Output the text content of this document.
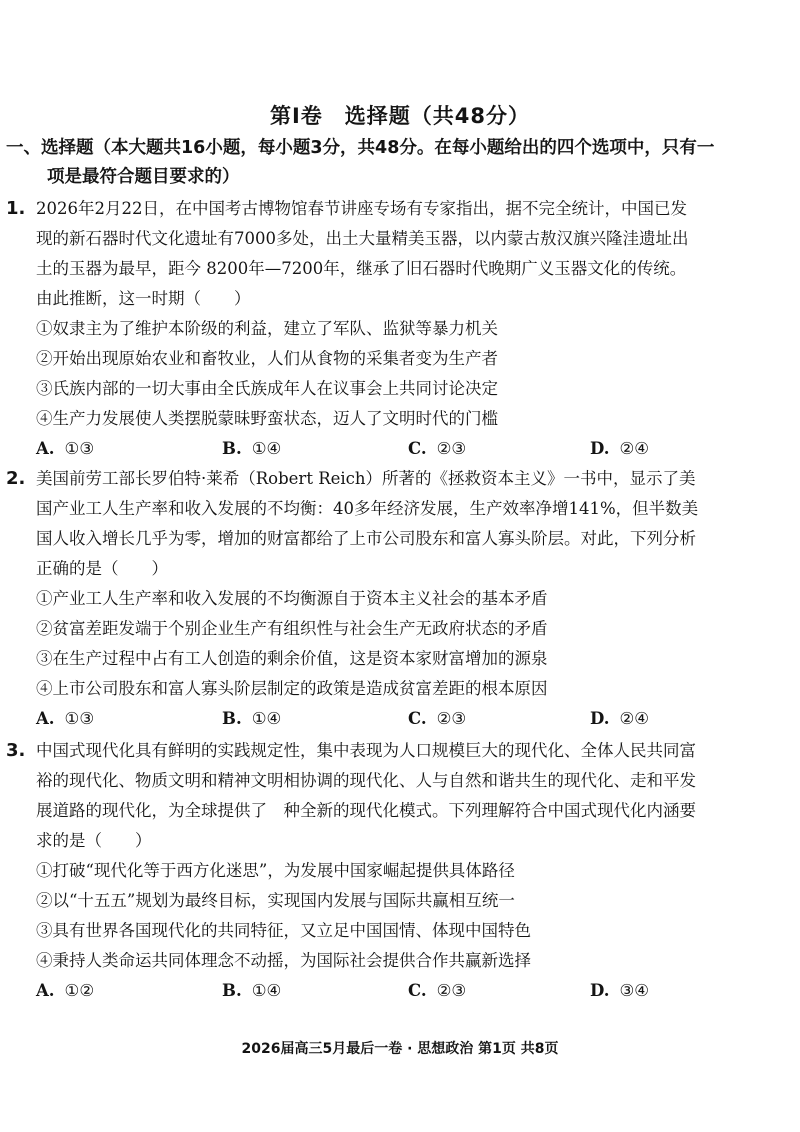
第Ⅰ卷　选择题（共48分）
一、选择题（本大题共16小题，每小题3分，共48分。在每小题给出的四个选项中，只有一
项是最符合题目要求的）
1. 2026年2月22日，在中国考古博物馆春节讲座专场有专家指出，据不完全统计，中国已发
现的新石器时代文化遗址有7000多处，出土大量精美玉器，以内蒙古敖汉旗兴隆洼遗址出
土的玉器为最早，距今 8200年—7200年，继承了旧石器时代晚期广义玉器文化的传统。
由此推断，这一时期（　　）
①奴隶主为了维护本阶级的利益，建立了军队、监狱等暴力机关
②开始出现原始农业和畜牧业，人们从食物的采集者变为生产者
③氏族内部的一切大事由全氏族成年人在议事会上共同讨论决定
④生产力发展使人类摆脱蒙昧野蛮状态，迈人了文明时代的门槛
A. ①③	B. ①④	C. ②③	D. ②④
2. 美国前劳工部长罗伯特·莱希（Robert Reich）所著的《拯救资本主义》一书中，显示了美
国产业工人生产率和收入发展的不均衡：40多年经济发展，生产效率净增141%，但半数美
国人收入增长几乎为零，增加的财富都给了上市公司股东和富人寡头阶层。对此，下列分析
正确的是（　　）
①产业工人生产率和收入发展的不均衡源自于资本主义社会的基本矛盾
②贫富差距发端于个别企业生产有组织性与社会生产无政府状态的矛盾
③在生产过程中占有工人创造的剩余价值，这是资本家财富增加的源泉
④上市公司股东和富人寡头阶层制定的政策是造成贫富差距的根本原因
A. ①③	B. ①④	C. ②③	D. ②④
3. 中国式现代化具有鲜明的实践规定性，集中表现为人口规模巨大的现代化、全体人民共同富
裕的现代化、物质文明和精神文明相协调的现代化、人与自然和谐共生的现代化、走和平发
展道路的现代化，为全球提供了　种全新的现代化模式。下列理解符合中国式现代化内涵要
求的是（　　）
①打破“现代化等于西方化迷思”，为发展中国家崛起提供具体路径
②以“十五五”规划为最终目标，实现国内发展与国际共赢相互统一
③具有世界各国现代化的共同特征，又立足中国国情、体现中国特色
④秉持人类命运共同体理念不动摇，为国际社会提供合作共赢新选择
A. ①②	B. ①④	C. ②③	D. ③④
2026届高三5月最后一卷 · 思想政治 第1页 共8页
